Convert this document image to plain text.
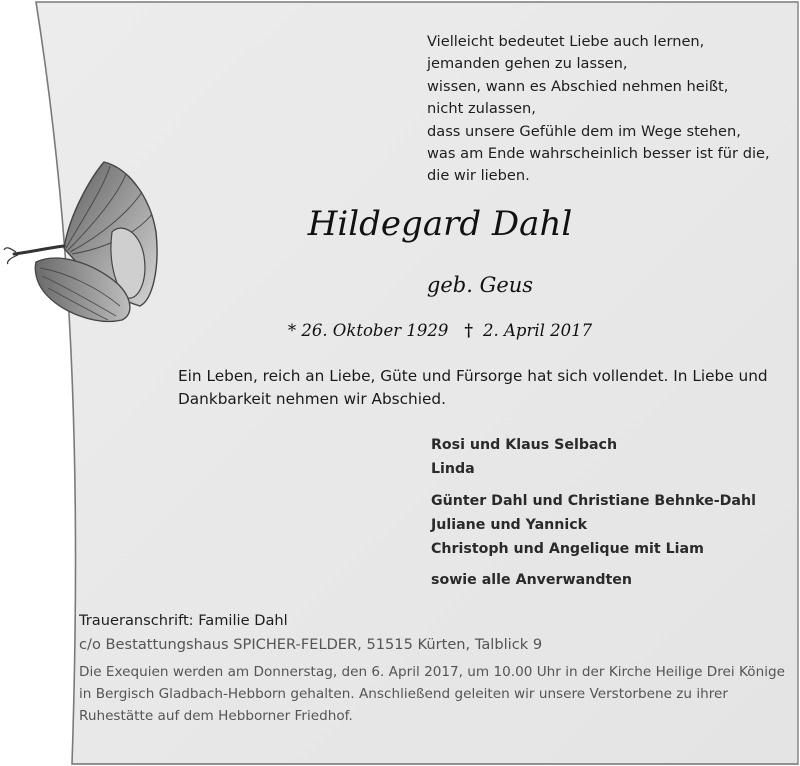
Vielleicht bedeutet Liebe auch lernen,
jemanden gehen zu lassen,
wissen, wann es Abschied nehmen heißt,
nicht zulassen,
dass unsere Gefühle dem im Wege stehen,
was am Ende wahrscheinlich besser ist für die,
die wir lieben.
Hildegard Dahl
geb. Geus
* 26. Oktober 1929 † 2. April 2017
Ein Leben, reich an Liebe, Güte und Fürsorge hat sich vollendet. In Liebe und Dankbarkeit nehmen wir Abschied.
Rosi und Klaus Selbach
Linda
Günter Dahl und Christiane Behnke-Dahl
Juliane und Yannick
Christoph und Angelique mit Liam
sowie alle Anverwandten
Traueranschrift: Familie Dahl
c/o Bestattungshaus SPICHER-FELDER, 51515 Kürten, Talblick 9
Die Exequien werden am Donnerstag, den 6. April 2017, um 10.00 Uhr in der Kirche Heilige Drei Könige in Bergisch Gladbach-Hebborn gehalten. Anschließend geleiten wir unsere Verstorbene zu ihrer Ruhestätte auf dem Hebborner Friedhof.
